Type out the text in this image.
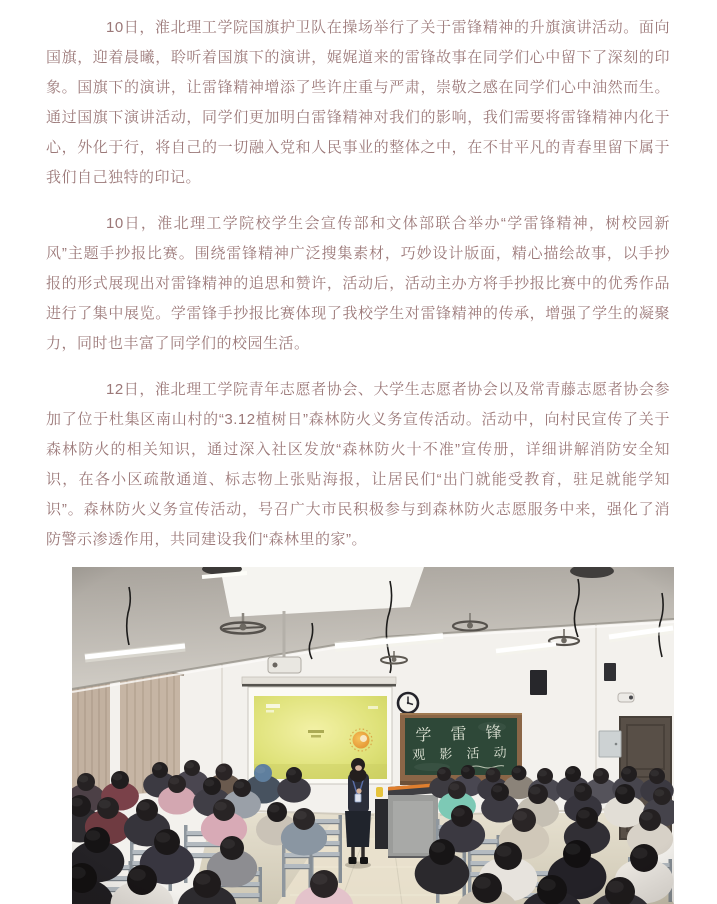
10日，淮北理工学院国旗护卫队在操场举行了关于雷锋精神的升旗演讲活动。面向国旗，迎着晨曦，聆听着国旗下的演讲，娓娓道来的雷锋故事在同学们心中留下了深刻的印象。国旗下的演讲，让雷锋精神增添了些许庄重与严肃，崇敬之感在同学们心中油然而生。通过国旗下演讲活动，同学们更加明白雷锋精神对我们的影响，我们需要将雷锋精神内化于心，外化于行，将自己的一切融入党和人民事业的整体之中，在不甘平凡的青春里留下属于我们自己独特的印记。

10日，淮北理工学院校学生会宣传部和文体部联合举办“学雷锋精神，树校园新风”主题手抄报比赛。围绕雷锋精神广泛搜集素材，巧妙设计版面，精心描绘故事，以手抄报的形式展现出对雷锋精神的追思和赞许，活动后，活动主办方将手抄报比赛中的优秀作品进行了集中展览。学雷锋手抄报比赛体现了我校学生对雷锋精神的传承，增强了学生的凝聚力，同时也丰富了同学们的校园生活。

12日，淮北理工学院青年志愿者协会、大学生志愿者协会以及常青藤志愿者协会参加了位于杜集区南山村的“3.12植树日”森林防火义务宣传活动。活动中，向村民宣传了关于森林防火的相关知识，通过深入社区发放“森林防火十不准”宣传册，详细讲解消防安全知识，在各小区疏散通道、标志物上张贴海报，让居民们“出门就能受教育，驻足就能学知识”。森林防火义务宣传活动，号召广大市民积极参与到森林防火志愿服务中来，强化了消防警示渗透作用，共同建设我们“森林里的家”。
